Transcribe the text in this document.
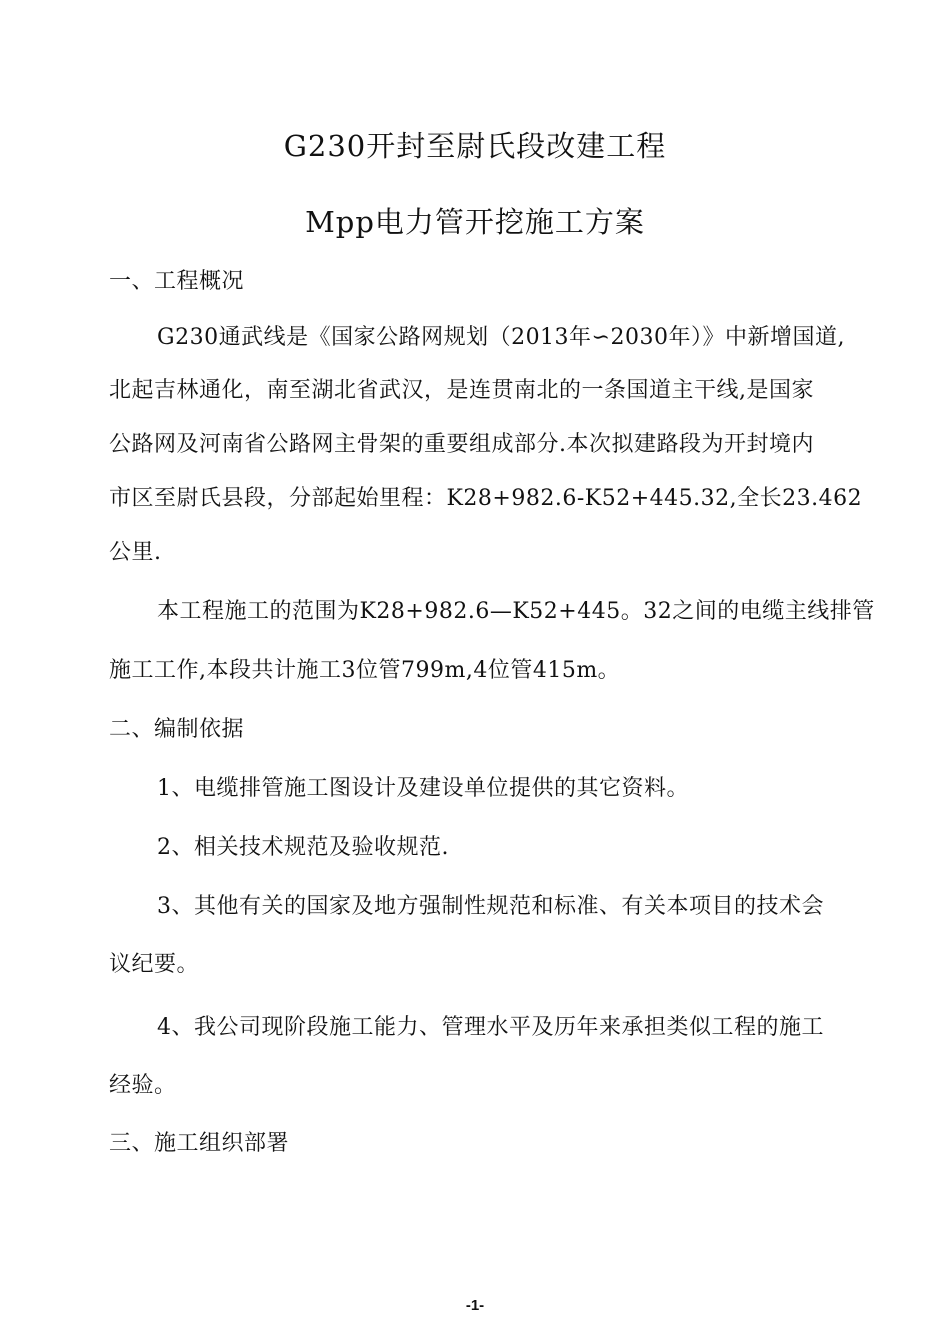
G230开封至尉氏段改建工程
Mpp电力管开挖施工方案
一、工程概况
G230通武线是《国家公路网规划（2013年∽2030年）》中新增国道,
北起吉林通化，南至湖北省武汉，是连贯南北的一条国道主干线,是国家
公路网及河南省公路网主骨架的重要组成部分.本次拟建路段为开封境内
市区至尉氏县段，分部起始里程：K28+982.6-K52+445.32,全长23.462
公里.
本工程施工的范围为K28+982.6—K52+445。32之间的电缆主线排管
施工工作,本段共计施工3位管799m,4位管415m。
二、编制依据
1、电缆排管施工图设计及建设单位提供的其它资料。
2、相关技术规范及验收规范.
3、其他有关的国家及地方强制性规范和标准、有关本项目的技术会
议纪要。
4、我公司现阶段施工能力、管理水平及历年来承担类似工程的施工
经验。
三、施工组织部署
-1-
